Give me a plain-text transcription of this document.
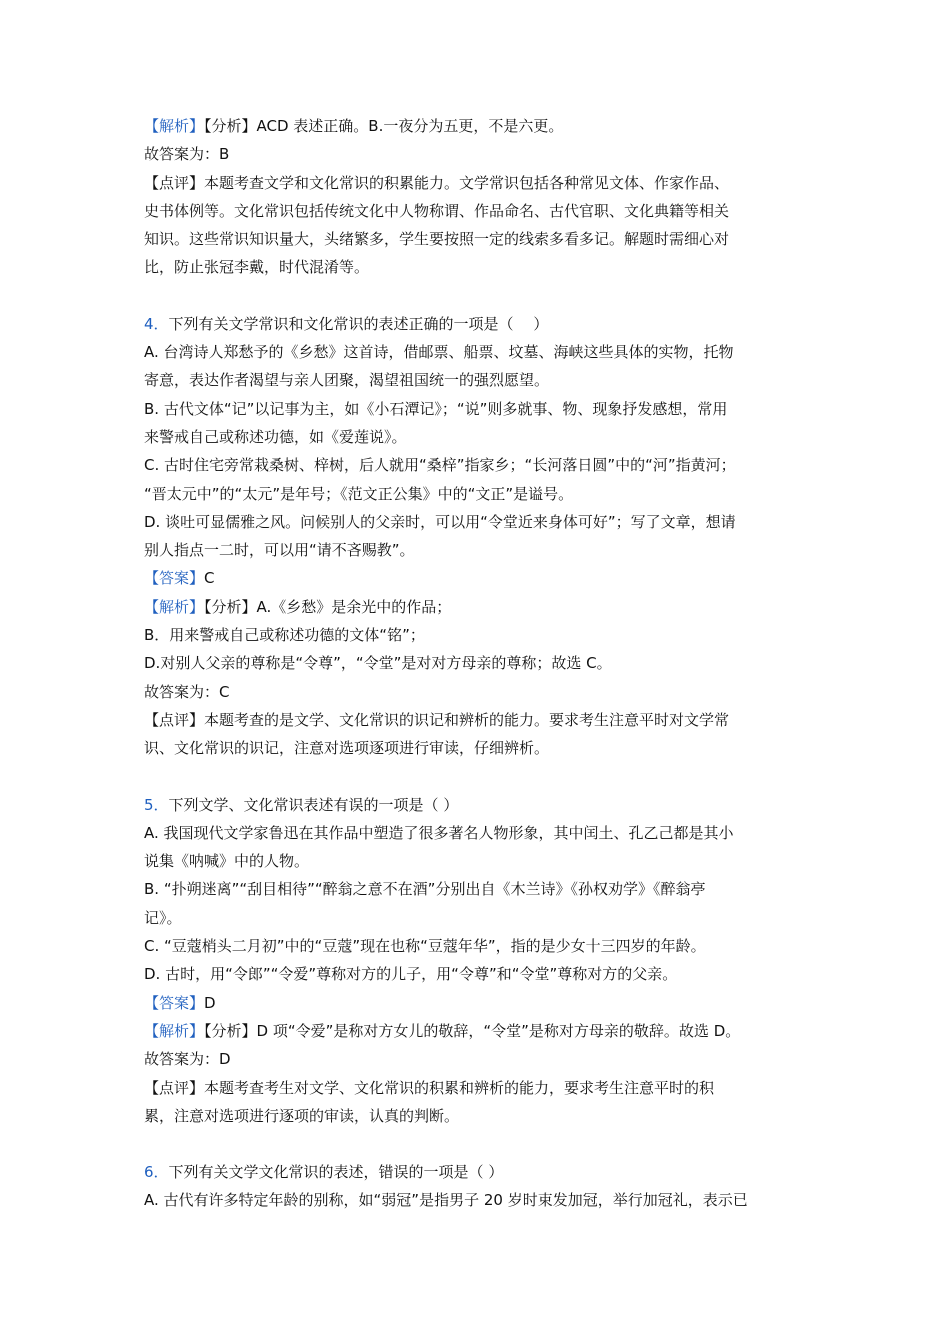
【解析】【分析】ACD 表述正确。B.一夜分为五更，不是六更。
故答案为：B
【点评】本题考查文学和文化常识的积累能力。文学常识包括各种常见文体、作家作品、
史书体例等。文化常识包括传统文化中人物称谓、作品命名、古代官职、文化典籍等相关
知识。这些常识知识量大，头绪繁多，学生要按照一定的线索多看多记。解题时需细心对
比，防止张冠李戴，时代混淆等。
4．下列有关文学常识和文化常识的表述正确的一项是（　 ）
A. 台湾诗人郑愁予的《乡愁》这首诗，借邮票、船票、坟墓、海峡这些具体的实物，托物
寄意，表达作者渴望与亲人团聚，渴望祖国统一的强烈愿望。
B. 古代文体“记”以记事为主，如《小石潭记》；“说”则多就事、物、现象抒发感想，常用
来警戒自己或称述功德，如《爱莲说》。
C. 古时住宅旁常栽桑树、梓树，后人就用“桑梓”指家乡；“长河落日圆”中的“河”指黄河；
“晋太元中”的“太元”是年号；《范文正公集》中的“文正”是谥号。
D. 谈吐可显儒雅之风。问候别人的父亲时，可以用“令堂近来身体可好”；写了文章，想请
别人指点一二时，可以用“请不吝赐教”。
【答案】C
【解析】【分析】A.《乡愁》是余光中的作品；
B．用来警戒自己或称述功德的文体“铭”；
D.对别人父亲的尊称是“令尊”，“令堂”是对对方母亲的尊称；故选 C。
故答案为：C
【点评】本题考查的是文学、文化常识的识记和辨析的能力。要求考生注意平时对文学常
识、文化常识的识记，注意对选项逐项进行审读，仔细辨析。
5．下列文学、文化常识表述有误的一项是（ ）
A. 我国现代文学家鲁迅在其作品中塑造了很多著名人物形象，其中闰土、孔乙己都是其小
说集《呐喊》中的人物。
B. “扑朔迷离”“刮目相待”“醉翁之意不在酒”分别出自《木兰诗》《孙权劝学》《醉翁亭
记》。
C. “豆蔻梢头二月初”中的“豆蔻”现在也称“豆蔻年华”，指的是少女十三四岁的年龄。
D. 古时，用“令郎”“令爱”尊称对方的儿子，用“令尊”和“令堂”尊称对方的父亲。
【答案】D
【解析】【分析】D 项“令爱”是称对方女儿的敬辞，“令堂”是称对方母亲的敬辞。故选 D。
故答案为：D
【点评】本题考查考生对文学、文化常识的积累和辨析的能力，要求考生注意平时的积
累，注意对选项进行逐项的审读，认真的判断。
6．下列有关文学文化常识的表述，错误的一项是（ ）
A. 古代有许多特定年龄的别称，如“弱冠”是指男子 20 岁时束发加冠，举行加冠礼，表示已
